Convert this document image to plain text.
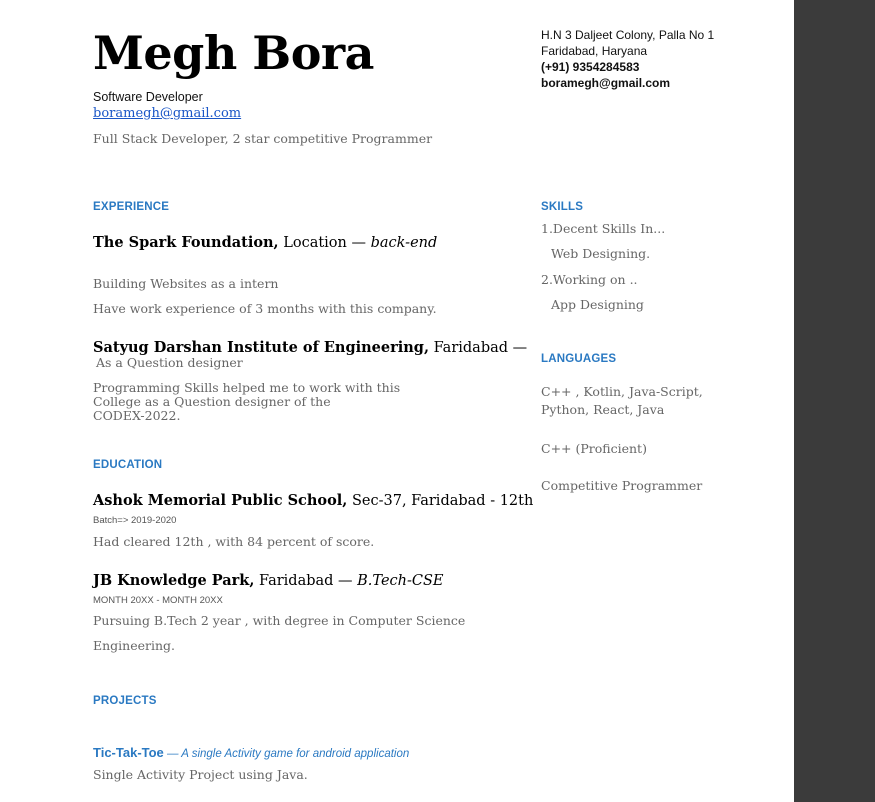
Megh Bora
Software Developer
boramegh@gmail.com
Full Stack Developer, 2 star competitive Programmer
H.N 3 Daljeet Colony, Palla No 1
Faridabad, Haryana
(+91) 9354284583
boramegh@gmail.com
EXPERIENCE
The Spark Foundation, Location — back-end
Building Websites as a intern
Have work experience of 3 months with this company.
Satyug Darshan Institute of Engineering, Faridabad —
As a Question designer
Programming Skills helped me to work with this
College as a Question designer of the
CODEX-2022.
EDUCATION
Ashok Memorial Public School, Sec-37, Faridabad - 12th
Batch=> 2019-2020
Had cleared 12th , with 84 percent of score.
JB Knowledge Park, Faridabad — B.Tech-CSE
MONTH 20XX - MONTH 20XX
Pursuing B.Tech 2 year , with degree in Computer Science
Engineering.
PROJECTS
Tic-Tak-Toe — A single Activity game for android application
Single Activity Project using Java.
SKILLS
1.Decent Skills In...
Web Designing.
2.Working on ..
App Designing
LANGUAGES
C++ , Kotlin, Java-Script,
Python, React, Java
C++ (Proficient)
Competitive Programmer
